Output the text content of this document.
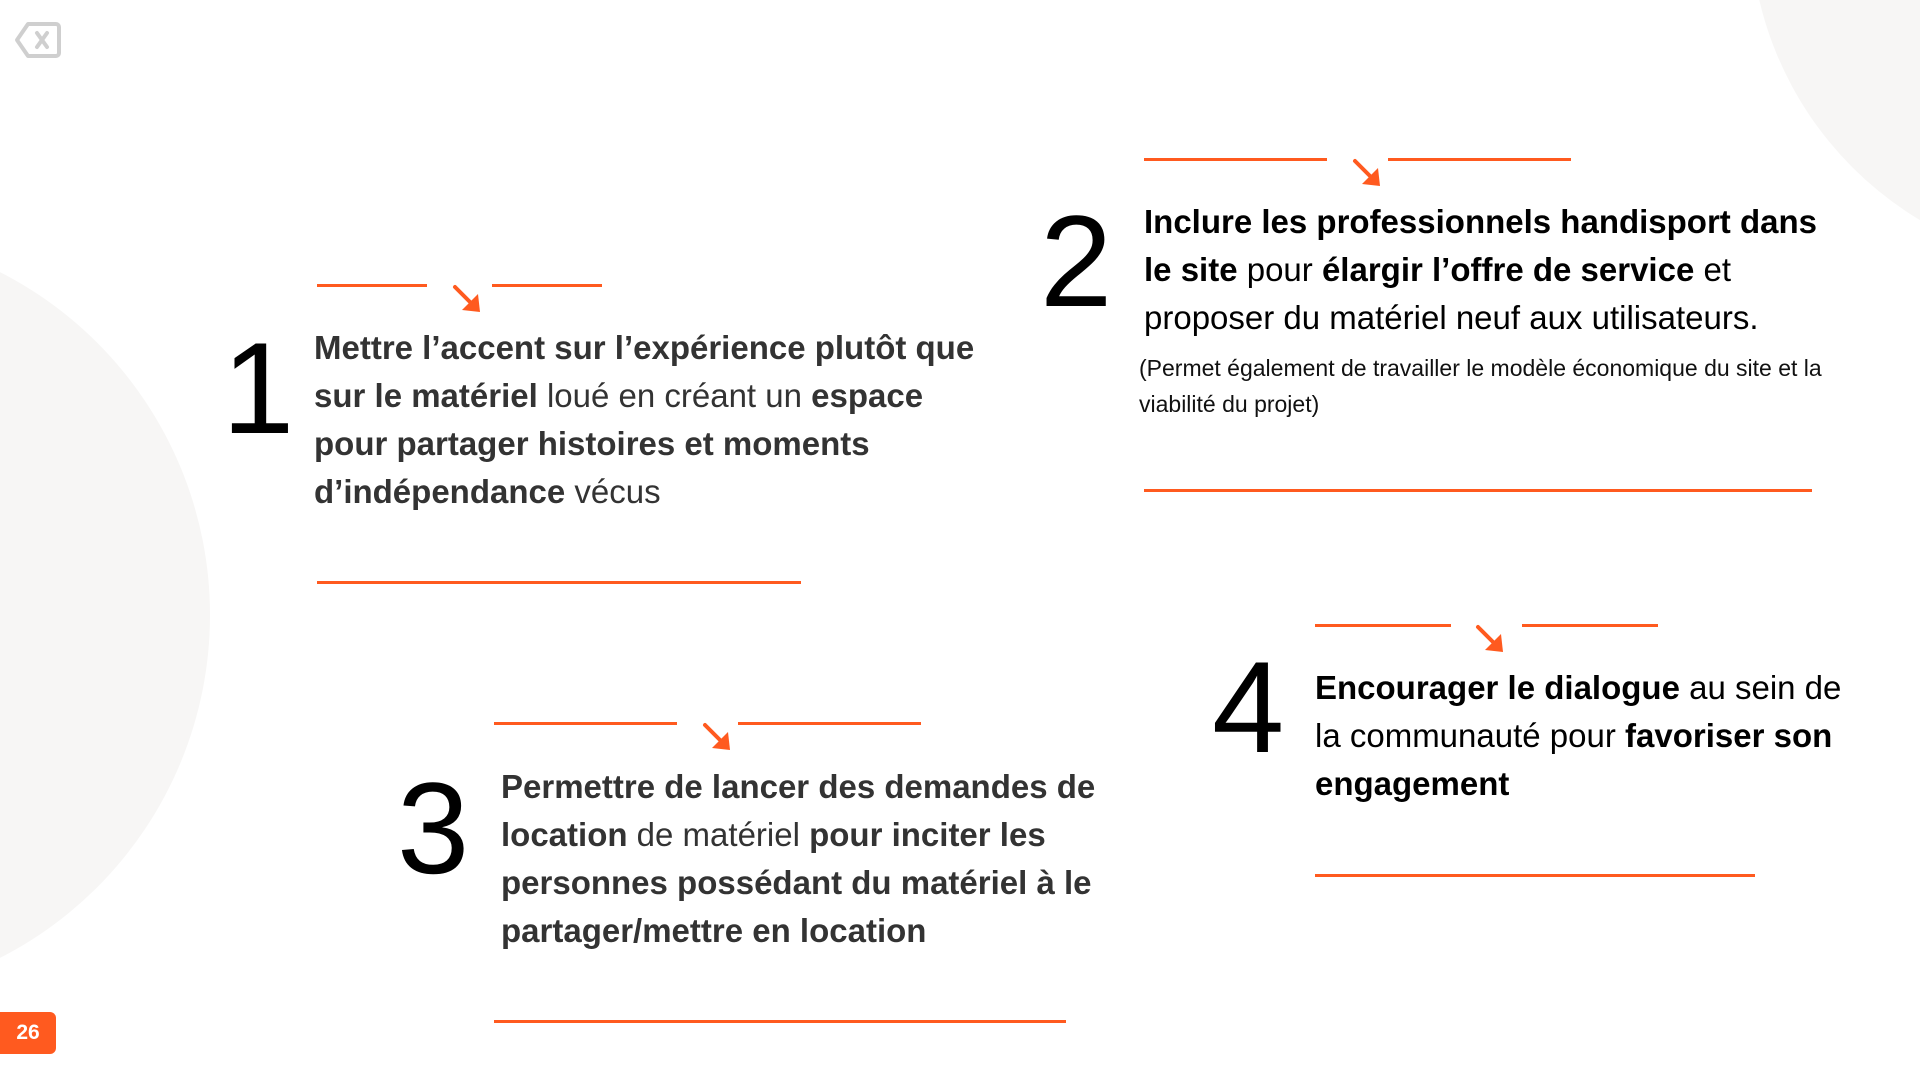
1 Mettre l’accent sur l’expérience plutôt que sur le matériel loué en créant un espace pour partager histoires et moments d’indépendance vécus
2 Inclure les professionnels handisport dans le site pour élargir l’offre de service et proposer du matériel neuf aux utilisateurs.
(Permet également de travailler le modèle économique du site et la viabilité du projet)
3 Permettre de lancer des demandes de location de matériel pour inciter les personnes possédant du matériel à le partager/mettre en location
4 Encourager le dialogue au sein de la communauté pour favoriser son engagement
26
